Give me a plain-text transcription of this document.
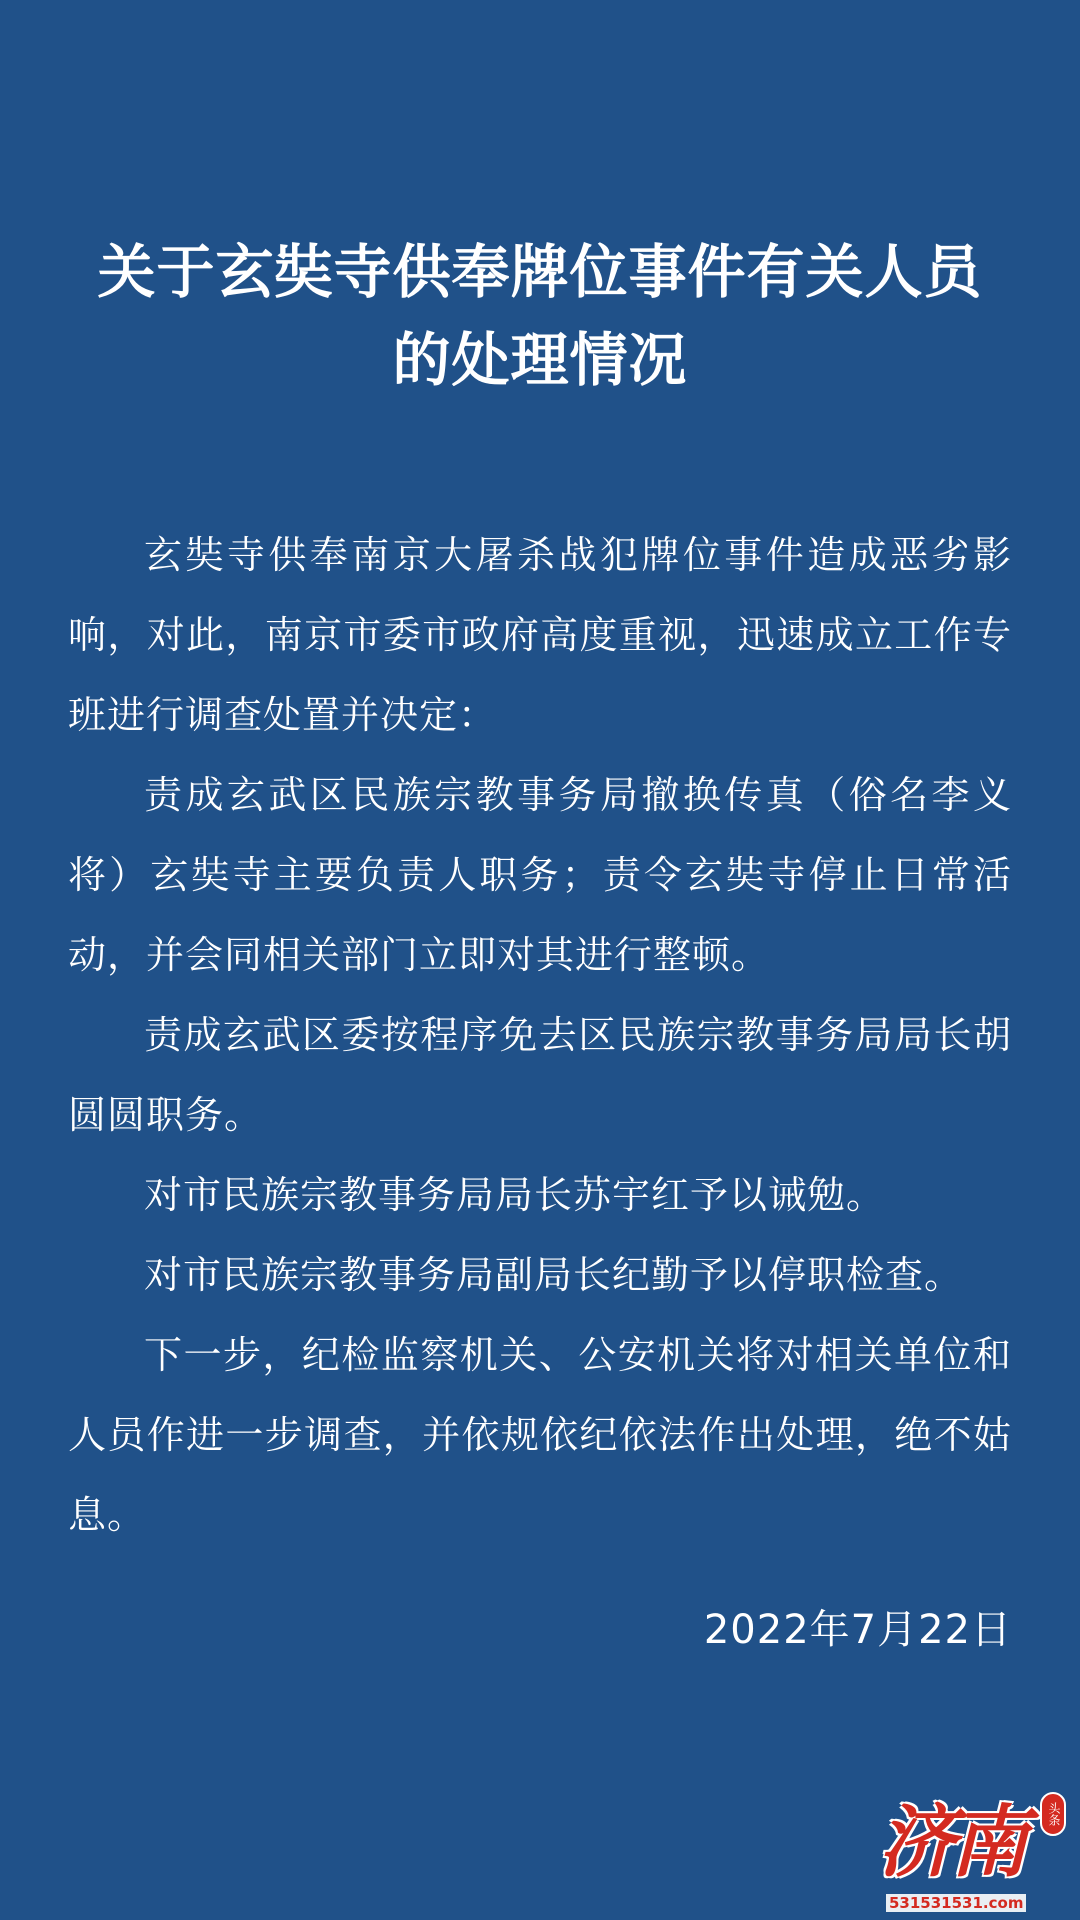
关于玄奘寺供奉牌位事件有关人员
的处理情况

玄奘寺供奉南京大屠杀战犯牌位事件造成恶劣影响，对此，南京市委市政府高度重视，迅速成立工作专班进行调查处置并决定：

责成玄武区民族宗教事务局撤换传真（俗名李义将）玄奘寺主要负责人职务；责令玄奘寺停止日常活动，并会同相关部门立即对其进行整顿。

责成玄武区委按程序免去区民族宗教事务局局长胡圆圆职务。

对市民族宗教事务局局长苏宇红予以诫勉。

对市民族宗教事务局副局长纪勤予以停职检查。

下一步，纪检监察机关、公安机关将对相关单位和人员作进一步调查，并依规依纪依法作出处理，绝不姑息。

2022年7月22日
济南	头条
531531531.com
